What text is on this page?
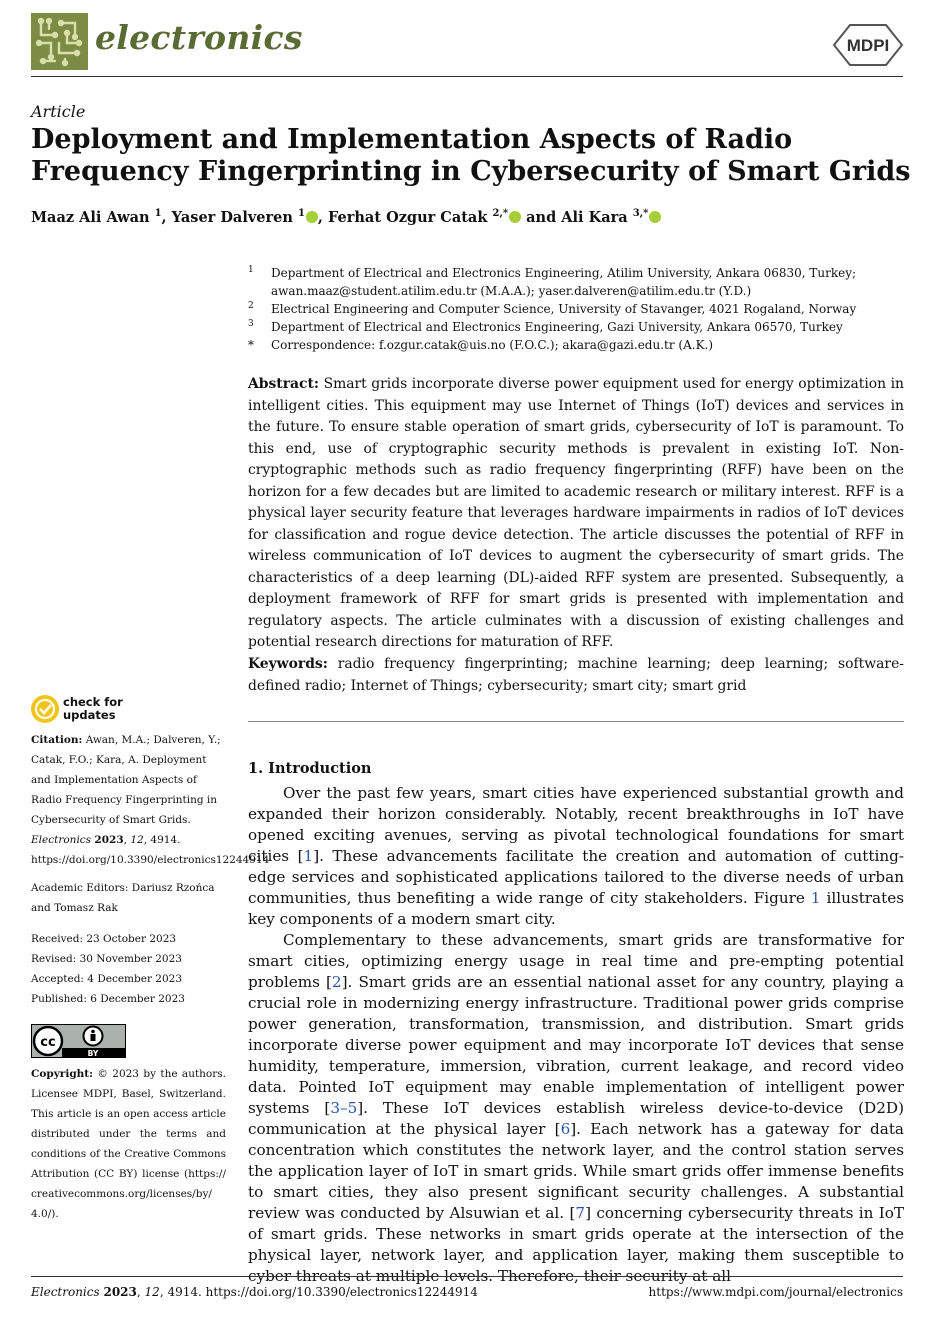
electronics	MDPI
Article
Deployment and Implementation Aspects of Radio Frequency Fingerprinting in Cybersecurity of Smart Grids
Maaz Ali Awan $^1$, Yaser Dalveren $^1$ , Ferhat Ozgur Catak $^{2,*}$ and Ali Kara $^{3,*}$
1 Department of Electrical and Electronics Engineering, Atilim University, Ankara 06830, Turkey;
awan.maaz@student.atilim.edu.tr (M.A.A.); yaser.dalveren@atilim.edu.tr (Y.D.)
2 Electrical Engineering and Computer Science, University of Stavanger, 4021 Rogaland, Norway
3 Department of Electrical and Electronics Engineering, Gazi University, Ankara 06570, Turkey
* Correspondence: f.ozgur.catak@uis.no (F.O.C.); akara@gazi.edu.tr (A.K.)
Abstract: Smart grids incorporate diverse power equipment used for energy optimization in intelligent cities. This equipment may use Internet of Things (IoT) devices and services in the future. To ensure stable operation of smart grids, cybersecurity of IoT is paramount. To this end, use of cryptographic security methods is prevalent in existing IoT. Non-cryptographic methods such as radio frequency fingerprinting (RFF) have been on the horizon for a few decades but are limited to academic research or military interest. RFF is a physical layer security feature that leverages hardware impairments in radios of IoT devices for classification and rogue device detection. The article discusses the potential of RFF in wireless communication of IoT devices to augment the cybersecurity of smart grids. The characteristics of a deep learning (DL)-aided RFF system are presented. Subsequently, a deployment framework of RFF for smart grids is presented with implementation and regulatory aspects. The article culminates with a discussion of existing challenges and potential research directions for maturation of RFF.
Keywords: radio frequency fingerprinting; machine learning; deep learning; software-defined radio; Internet of Things; cybersecurity; smart city; smart grid
1. Introduction

Over the past few years, smart cities have experienced substantial growth and expanded their horizon considerably. Notably, recent breakthroughs in IoT have opened exciting avenues, serving as pivotal technological foundations for smart cities [1]. These advancements facilitate the creation and automation of cutting-edge services and sophisticated applications tailored to the diverse needs of urban communities, thus benefiting a wide range of city stakeholders. Figure 1 illustrates key components of a modern smart city.

Complementary to these advancements, smart grids are transformative for smart cities, optimizing energy usage in real time and pre-empting potential problems [2]. Smart grids are an essential national asset for any country, playing a crucial role in modernizing energy infrastructure. Traditional power grids comprise power generation, transformation, transmission, and distribution. Smart grids incorporate diverse power equipment and may incorporate IoT devices that sense humidity, temperature, immersion, vibration, current leakage, and record video data. Pointed IoT equipment may enable implementation of intelligent power systems [3–5]. These IoT devices establish wireless device-to-device (D2D) communication at the physical layer [6]. Each network has a gateway for data concentration which constitutes the network layer, and the control station serves the application layer of IoT in smart grids. While smart grids offer immense benefits to smart cities, they also present significant security challenges. A substantial review was conducted by Alsuwian et al. [7] concerning cybersecurity threats in IoT of smart grids. These networks in smart grids operate at the intersection of the physical layer, network layer, and application layer, making them susceptible to cyber threats at multiple levels. Therefore, their security at all

check for
updates
Citation: Awan, M.A.; Dalveren, Y.; Catak, F.O.; Kara, A. Deployment and Implementation Aspects of Radio Frequency Fingerprinting in Cybersecurity of Smart Grids. Electronics 2023, 12, 4914. https://doi.org/10.3390/electronics12244914
Academic Editors: Dariusz Rzońca and Tomasz Rak
Received: 23 October 2023
Revised: 30 November 2023
Accepted: 4 December 2023
Published: 6 December 2023
cc
BY
Copyright: © 2023 by the authors. Licensee MDPI, Basel, Switzerland. This article is an open access article distributed under the terms and conditions of the Creative Commons Attribution (CC BY) license (https:// creativecommons.org/licenses/by/ 4.0/).
Electronics 2023, 12, 4914. https://doi.org/10.3390/electronics12244914	https://www.mdpi.com/journal/electronics
